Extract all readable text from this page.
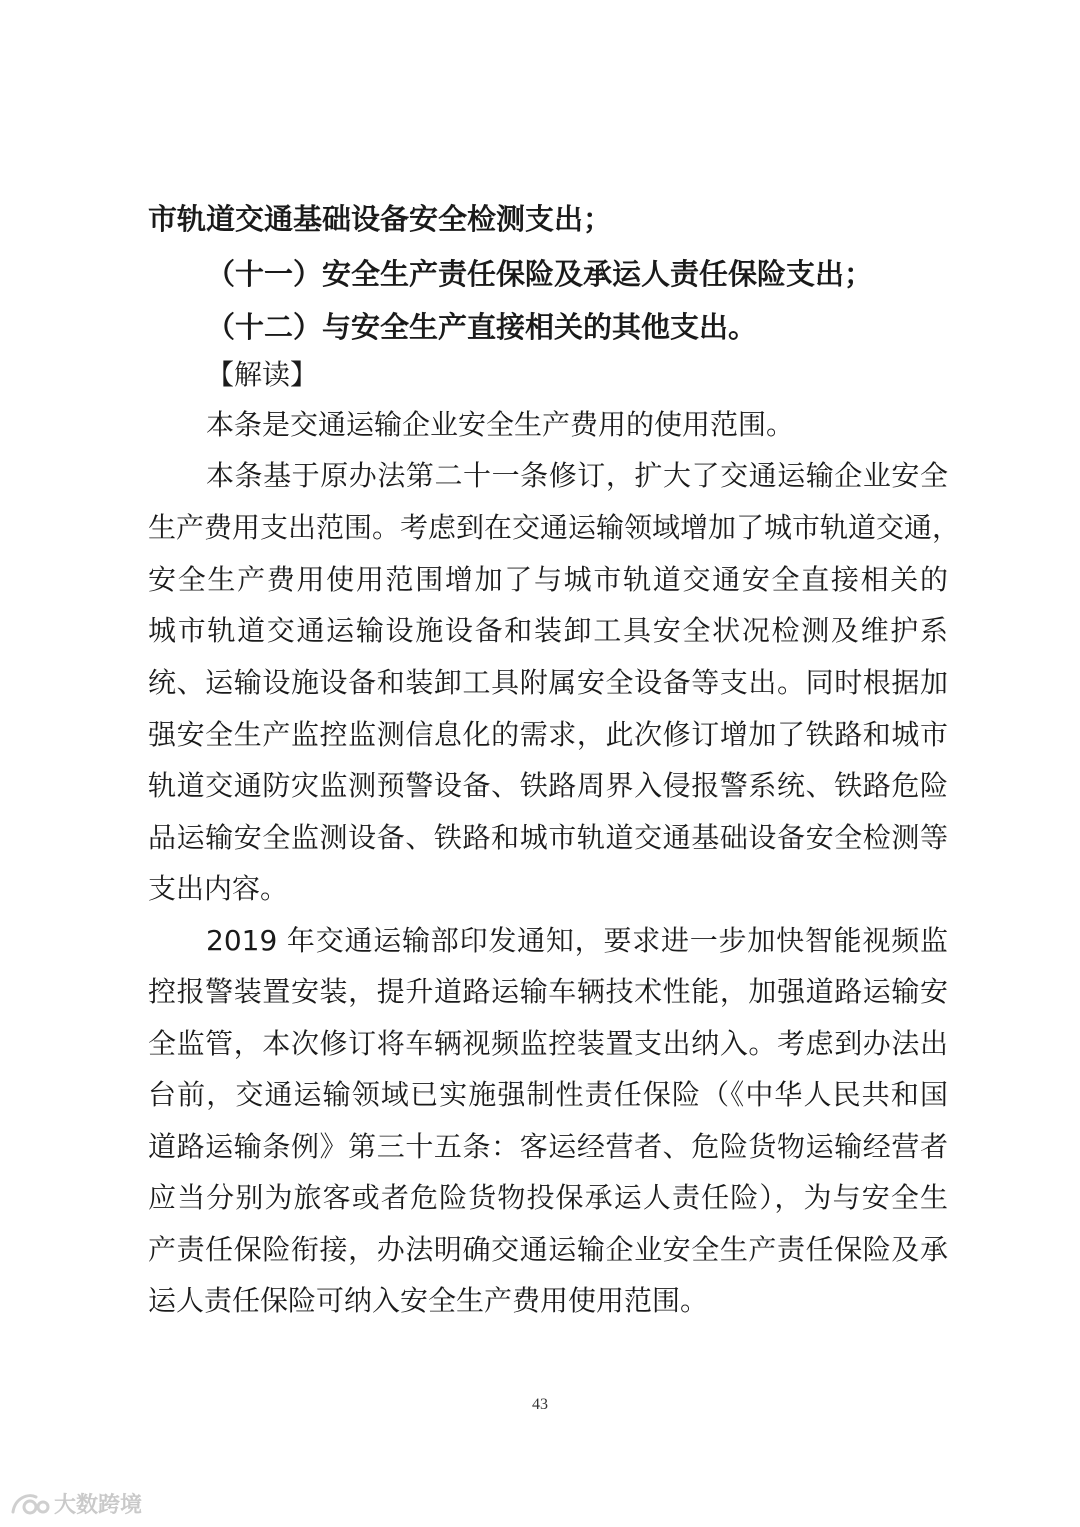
市轨道交通基础设备安全检测支出；
（十一）安全生产责任保险及承运人责任保险支出；
（十二）与安全生产直接相关的其他支出。
【解读】
本条是交通运输企业安全生产费用的使用范围。
本条基于原办法第二十一条修订，扩大了交通运输企业安全
生产费用支出范围。考虑到在交通运输领域增加了城市轨道交通，
安全生产费用使用范围增加了与城市轨道交通安全直接相关的
城市轨道交通运输设施设备和装卸工具安全状况检测及维护系
统、运输设施设备和装卸工具附属安全设备等支出。同时根据加
强安全生产监控监测信息化的需求，此次修订增加了铁路和城市
轨道交通防灾监测预警设备、铁路周界入侵报警系统、铁路危险
品运输安全监测设备、铁路和城市轨道交通基础设备安全检测等
支出内容。
2019 年交通运输部印发通知，要求进一步加快智能视频监
控报警装置安装，提升道路运输车辆技术性能，加强道路运输安
全监管，本次修订将车辆视频监控装置支出纳入。考虑到办法出
台前，交通运输领域已实施强制性责任保险（《中华人民共和国
道路运输条例》第三十五条：客运经营者、危险货物运输经营者
应当分别为旅客或者危险货物投保承运人责任险），为与安全生
产责任保险衔接，办法明确交通运输企业安全生产责任保险及承
运人责任保险可纳入安全生产费用使用范围。
43
大数跨境
